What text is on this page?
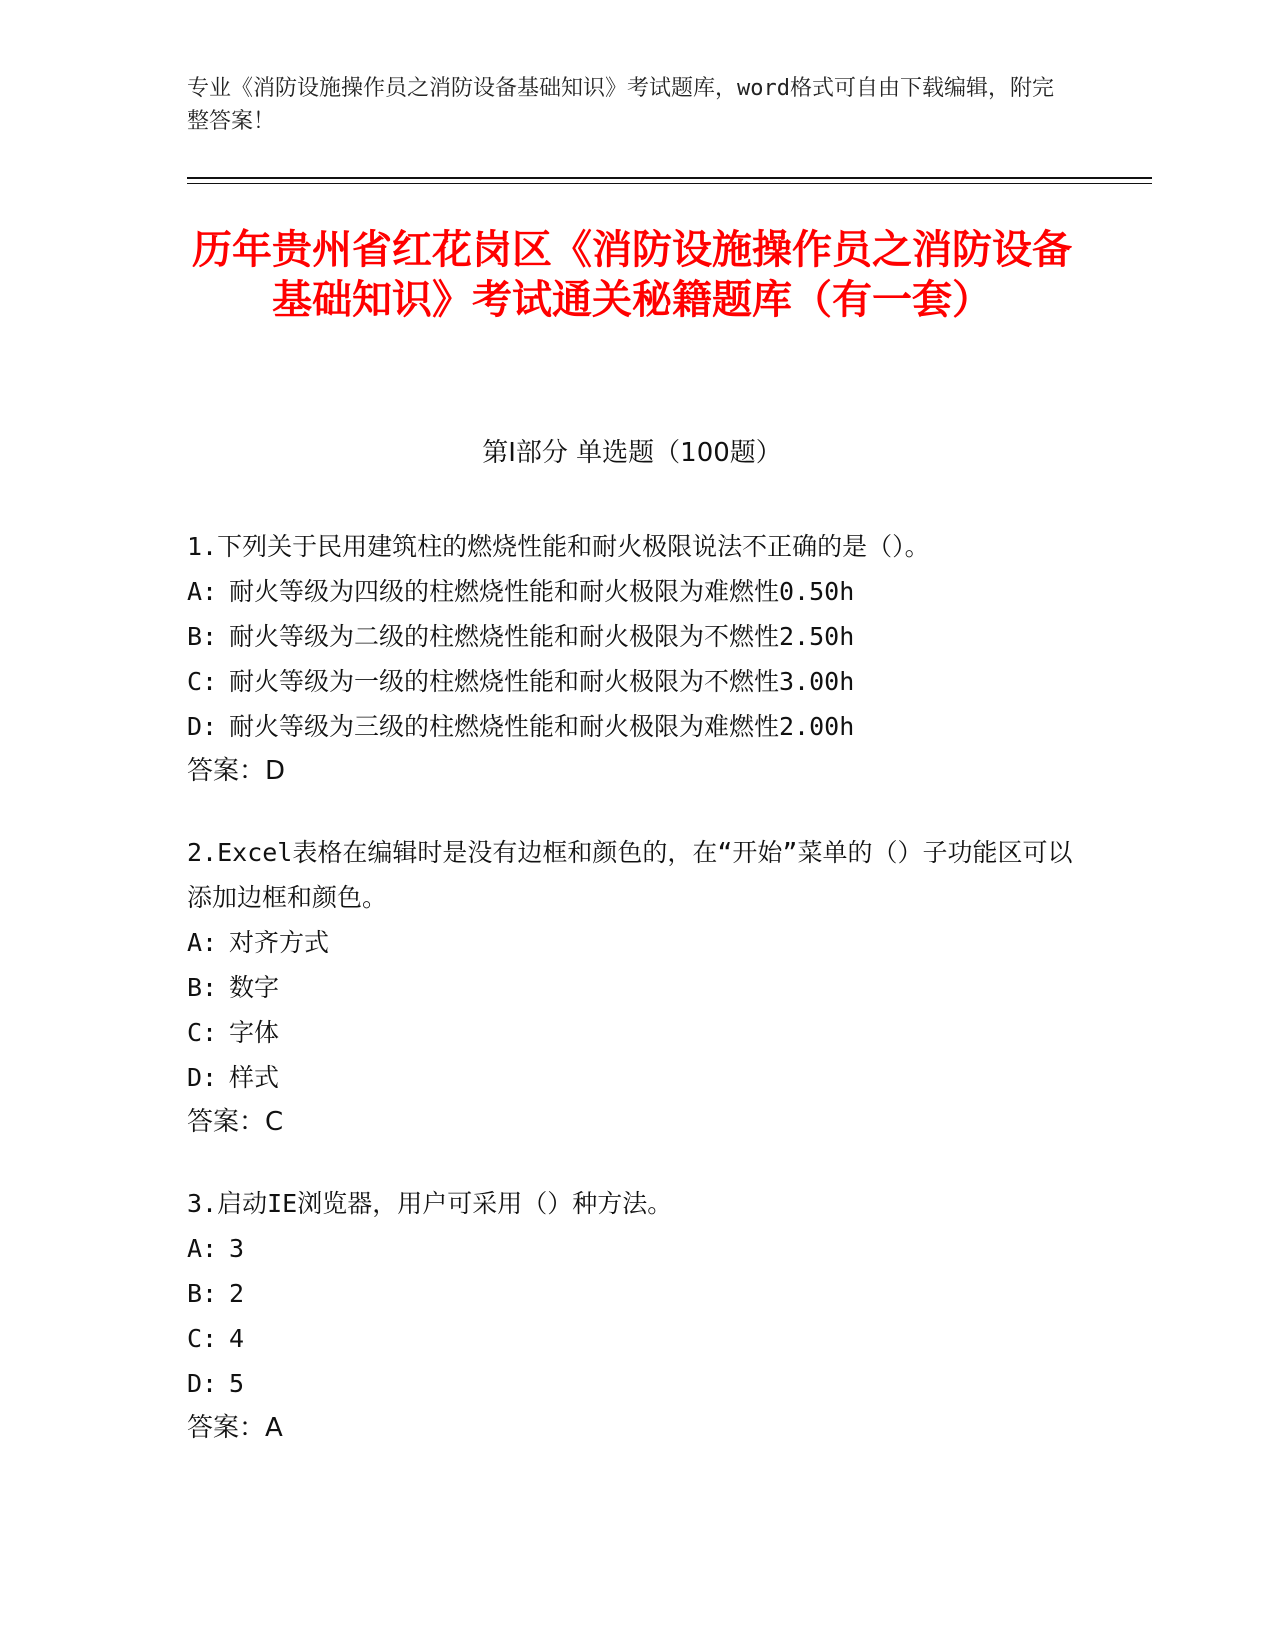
专业《消防设施操作员之消防设备基础知识》考试题库，word格式可自由下载编辑，附完整答案！
历年贵州省红花岗区《消防设施操作员之消防设备基础知识》考试通关秘籍题库（有一套）
第I部分 单选题（100题）
1.下列关于民用建筑柱的燃烧性能和耐火极限说法不正确的是（）。
A: 耐火等级为四级的柱燃烧性能和耐火极限为难燃性0.50h
B: 耐火等级为二级的柱燃烧性能和耐火极限为不燃性2.50h
C: 耐火等级为一级的柱燃烧性能和耐火极限为不燃性3.00h
D: 耐火等级为三级的柱燃烧性能和耐火极限为难燃性2.00h
答案：D
2.Excel表格在编辑时是没有边框和颜色的，在“开始”菜单的（）子功能区可以添加边框和颜色。
A: 对齐方式
B: 数字
C: 字体
D: 样式
答案：C
3.启动IE浏览器，用户可采用（）种方法。
A: 3
B: 2
C: 4
D: 5
答案：A
